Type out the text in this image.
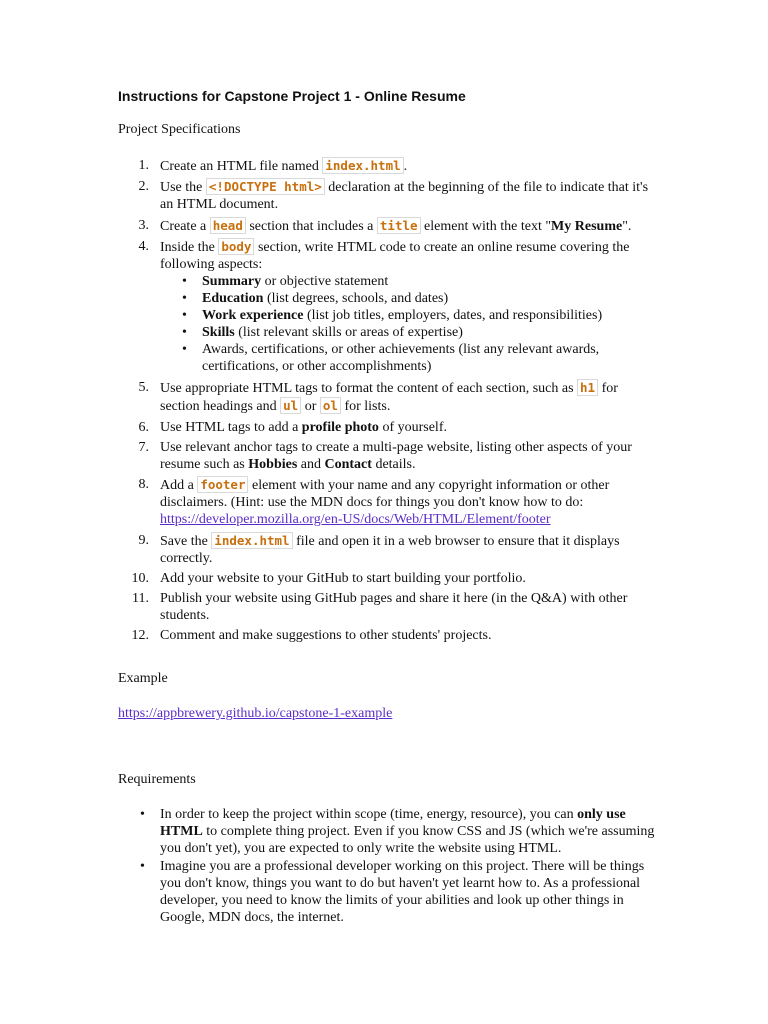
Instructions for Capstone Project 1 - Online Resume
Project Specifications
1. Create an HTML file named index.html .
2. Use the <!DOCTYPE html> declaration at the beginning of the file to indicate that it's an HTML document.
3. Create a head section that includes a title element with the text "My Resume".
4. Inside the body section, write HTML code to create an online resume covering the following aspects:
• Summary or objective statement
• Education (list degrees, schools, and dates)
• Work experience (list job titles, employers, dates, and responsibilities)
• Skills (list relevant skills or areas of expertise)
• Awards, certifications, or other achievements (list any relevant awards, certifications, or other accomplishments)
5. Use appropriate HTML tags to format the content of each section, such as h1 for section headings and ul or ol for lists.
6. Use HTML tags to add a profile photo of yourself.
7. Use relevant anchor tags to create a multi-page website, listing other aspects of your resume such as Hobbies and Contact details.
8. Add a footer element with your name and any copyright information or other disclaimers. (Hint: use the MDN docs for things you don't know how to do: https://developer.mozilla.org/en-US/docs/Web/HTML/Element/footer
9. Save the index.html file and open it in a web browser to ensure that it displays correctly.
10. Add your website to your GitHub to start building your portfolio.
11. Publish your website using GitHub pages and share it here (in the Q&A) with other students.
12. Comment and make suggestions to other students' projects.
Example
https://appbrewery.github.io/capstone-1-example
Requirements
• In order to keep the project within scope (time, energy, resource), you can only use HTML to complete thing project. Even if you know CSS and JS (which we're assuming you don't yet), you are expected to only write the website using HTML.
• Imagine you are a professional developer working on this project. There will be things you don't know, things you want to do but haven't yet learnt how to. As a professional developer, you need to know the limits of your abilities and look up other things in Google, MDN docs, the internet.
